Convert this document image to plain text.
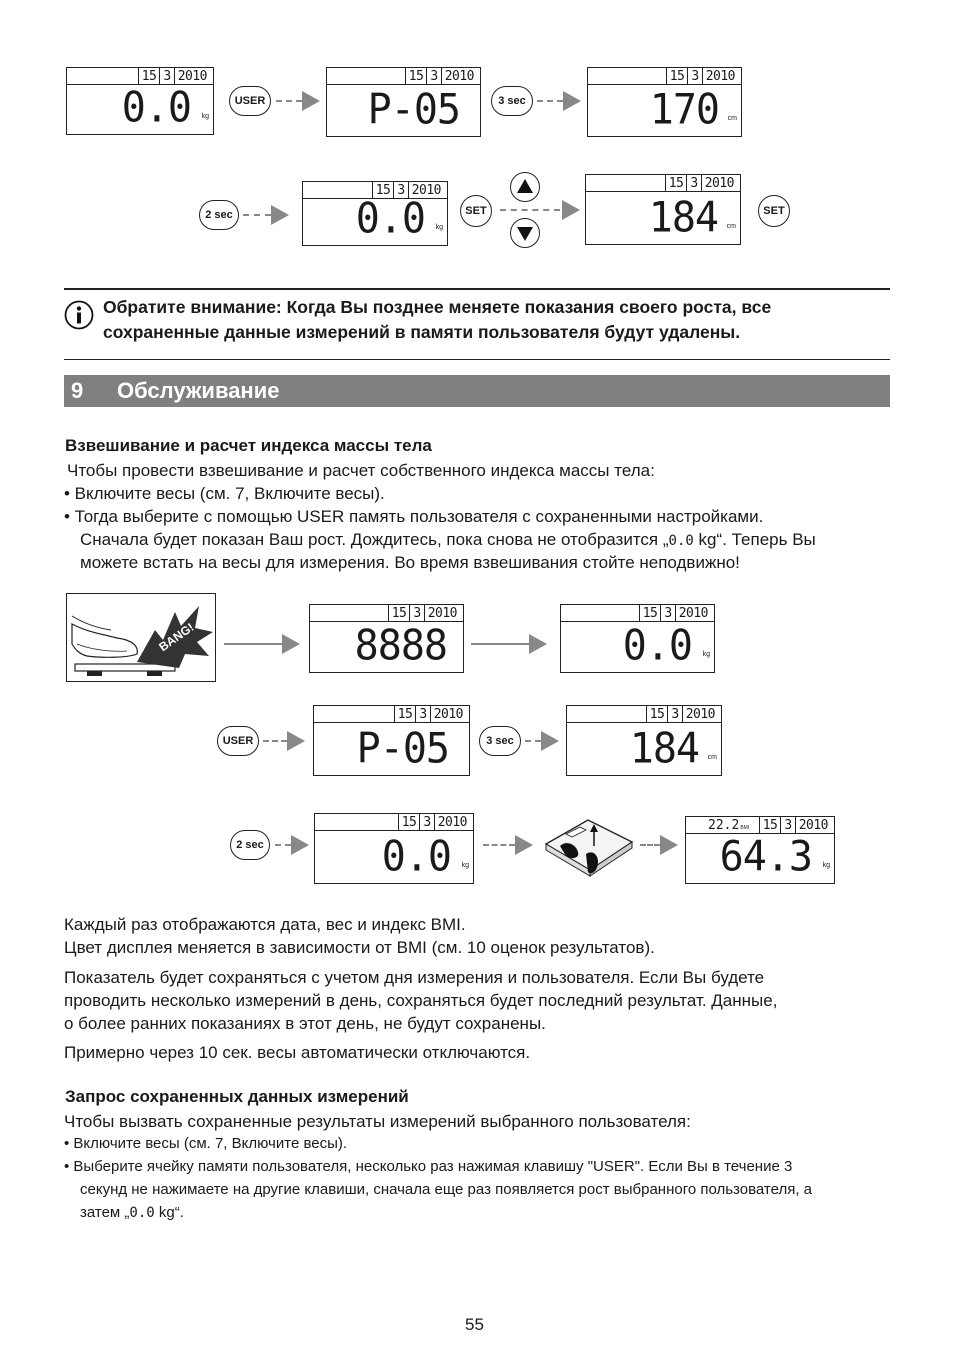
15 3 2010
0.0 kg
USER
15 3 2010
P-05	3 sec
15 3 2010
170 cm
2 sec
15 3 2010
0.0 kg
SET
15 3 2010
184 cm
SET
Обратите внимание: Когда Вы позднее меняете показания своего роста, все сохраненные данные измерений в памяти пользователя будут удалены.
9 Обслуживание
Взвешивание и расчет индекса массы тела
Чтобы провести взвешивание и расчет собственного индекса массы тела:
• Включите весы (см. 7, Включите весы).
• Тогда выберите с помощью USER память пользователя с сохраненными настройками.
Сначала будет показан Ваш рост. Дождитесь, пока снова не отобразится „0.0 kg“. Теперь Вы
можете встать на весы для измерения. Во время взвешивания стойте неподвижно!
BANG!
15 3 2010
8888
15 3 2010
0.0 kg
USER
15 3 2010
P-05	3 sec
15 3 2010
184 cm
2 sec
15 3 2010
0.0 kg
22.2BMI	15 3 2010
64.3 kg
Каждый раз отображаются дата, вес и индекс BMI.
Цвет дисплея меняется в зависимости от BMI (см. 10 оценок результатов).
Показатель будет сохраняться с учетом дня измерения и пользователя. Если Вы будете
проводить несколько измерений в день, сохраняться будет последний результат. Данные,
о более ранних показаниях в этот день, не будут сохранены.
Примерно через 10 сек. весы автоматически отключаются.
Запрос сохраненных данных измерений
Чтобы вызвать сохраненные результаты измерений выбранного пользователя:
• Включите весы (см. 7, Включите весы).
• Выберите ячейку памяти пользователя, несколько раз нажимая клавишу "USER". Если Вы в течение 3
секунд не нажимаете на другие клавиши, сначала еще раз появляется рост выбранного пользователя, а
затем „0.0 kg“.
55
